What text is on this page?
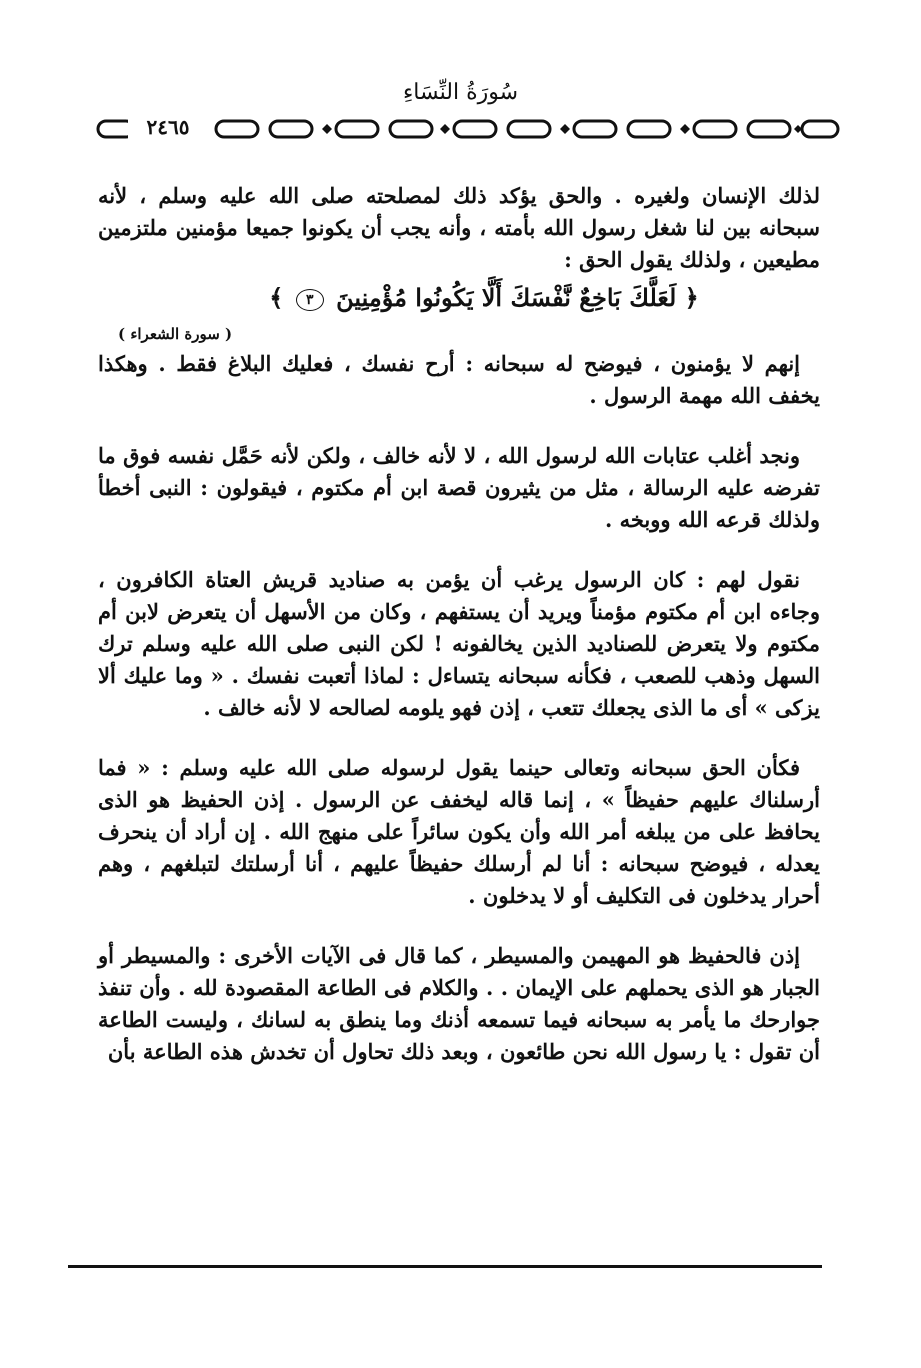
سُورَةُ النِّسَاءِ
٢٤٦٥

لذلك الإنسان ولغيره . والحق يؤكد ذلك لمصلحته صلى الله عليه وسلم ، لأنه سبحانه بين لنا شغل رسول الله بأمته ، وأنه يجب أن يكونوا جميعا مؤمنين ملتزمين مطيعين ، ولذلك يقول الحق :

﴿ لَعَلَّكَ بَاخِعٌ نَّفْسَكَ أَلَّا يَكُونُوا مُؤْمِنِينَ ٣ ﴾

( سورة الشعراء )

إنهم لا يؤمنون ، فيوضح له سبحانه : أرح نفسك ، فعليك البلاغ فقط . وهكذا يخفف الله مهمة الرسول .

ونجد أغلب عتابات الله لرسول الله ، لا لأنه خالف ، ولكن لأنه حَمَّل نفسه فوق ما تفرضه عليه الرسالة ، مثل من يثيرون قصة ابن أم مكتوم ، فيقولون : النبى أخطأ ولذلك قرعه الله ووبخه .

نقول لهم : كان الرسول يرغب أن يؤمن به صناديد قريش العتاة الكافرون ، وجاءه ابن أم مكتوم مؤمناً ويريد أن يستفهم ، وكان من الأسهل أن يتعرض لابن أم مكتوم ولا يتعرض للصناديد الذين يخالفونه ! لكن النبى صلى الله عليه وسلم ترك السهل وذهب للصعب ، فكأنه سبحانه يتساءل : لماذا أتعبت نفسك . « وما عليك ألا يزكى » أى ما الذى يجعلك تتعب ، إذن فهو يلومه لصالحه لا لأنه خالف .

فكأن الحق سبحانه وتعالى حينما يقول لرسوله صلى الله عليه وسلم : « فما أرسلناك عليهم حفيظاً » ، إنما قاله ليخفف عن الرسول . إذن الحفيظ هو الذى يحافظ على من يبلغه أمر الله وأن يكون سائراً على منهج الله . إن أراد أن ينحرف يعدله ، فيوضح سبحانه : أنا لم أرسلك حفيظاً عليهم ، أنا أرسلتك لتبلغهم ، وهم أحرار يدخلون فى التكليف أو لا يدخلون .

إذن فالحفيظ هو المهيمن والمسيطر ، كما قال فى الآيات الأخرى : والمسيطر أو الجبار هو الذى يحملهم على الإيمان . . والكلام فى الطاعة المقصودة لله . وأن تنفذ جوارحك ما يأمر به سبحانه فيما تسمعه أذنك وما ينطق به لسانك ، وليست الطاعة أن تقول : يا رسول الله نحن طائعون ، وبعد ذلك تحاول أن تخدش هذه الطاعة بأن
